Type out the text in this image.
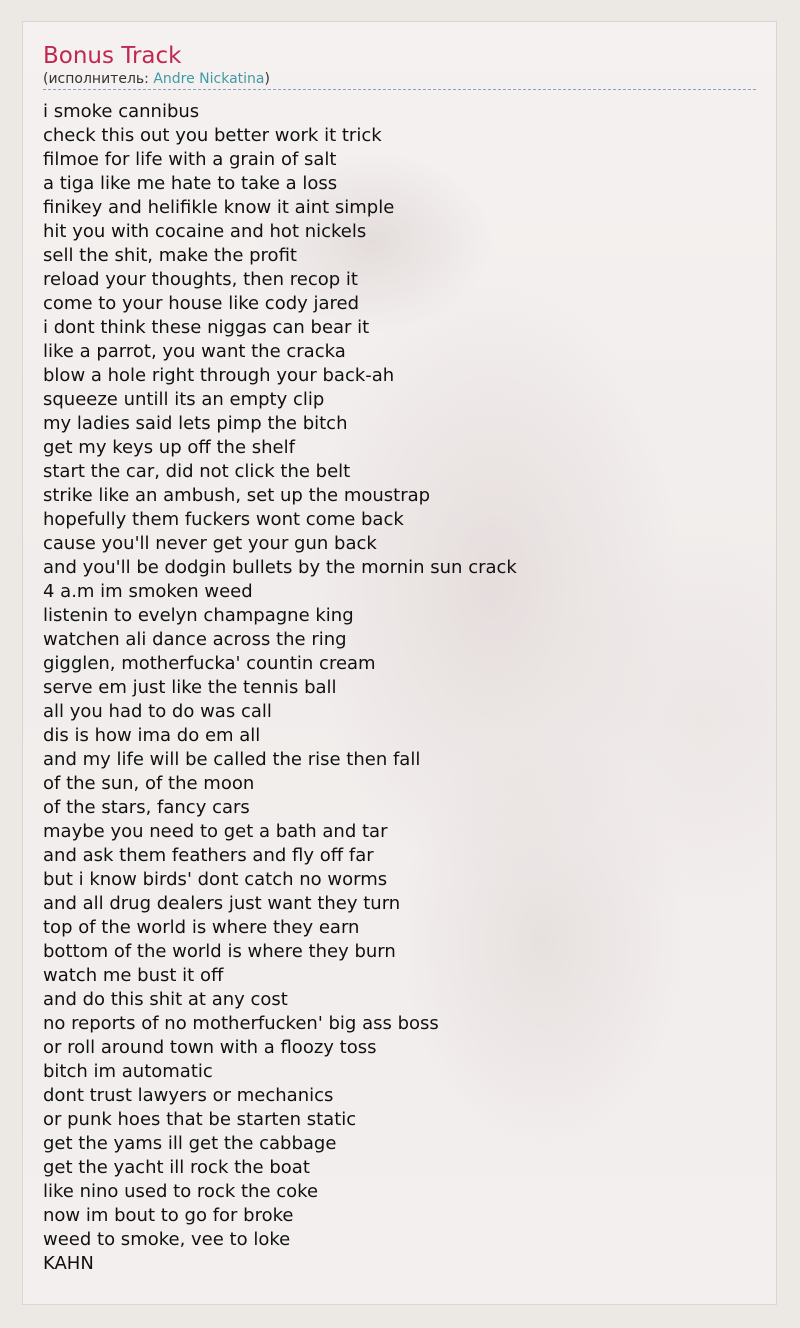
Bonus Track
(исполнитель: Andre Nickatina)
i smoke cannibus
check this out you better work it trick
filmoe for life with a grain of salt
a tiga like me hate to take a loss
finikey and helifikle know it aint simple
hit you with cocaine and hot nickels
sell the shit, make the profit
reload your thoughts, then recop it
come to your house like cody jared
i dont think these niggas can bear it
like a parrot, you want the cracka
blow a hole right through your back-ah
squeeze untill its an empty clip
my ladies said lets pimp the bitch
get my keys up off the shelf
start the car, did not click the belt
strike like an ambush, set up the moustrap
hopefully them fuckers wont come back
cause you'll never get your gun back
and you'll be dodgin bullets by the mornin sun crack
4 a.m im smoken weed
listenin to evelyn champagne king
watchen ali dance across the ring
gigglen, motherfucka' countin cream
serve em just like the tennis ball
all you had to do was call
dis is how ima do em all
and my life will be called the rise then fall
of the sun, of the moon
of the stars, fancy cars
maybe you need to get a bath and tar
and ask them feathers and fly off far
but i know birds' dont catch no worms
and all drug dealers just want they turn
top of the world is where they earn
bottom of the world is where they burn
watch me bust it off
and do this shit at any cost
no reports of no motherfucken' big ass boss
or roll around town with a floozy toss
bitch im automatic
dont trust lawyers or mechanics
or punk hoes that be starten static
get the yams ill get the cabbage
get the yacht ill rock the boat
like nino used to rock the coke
now im bout to go for broke
weed to smoke, vee to loke
KAHN
